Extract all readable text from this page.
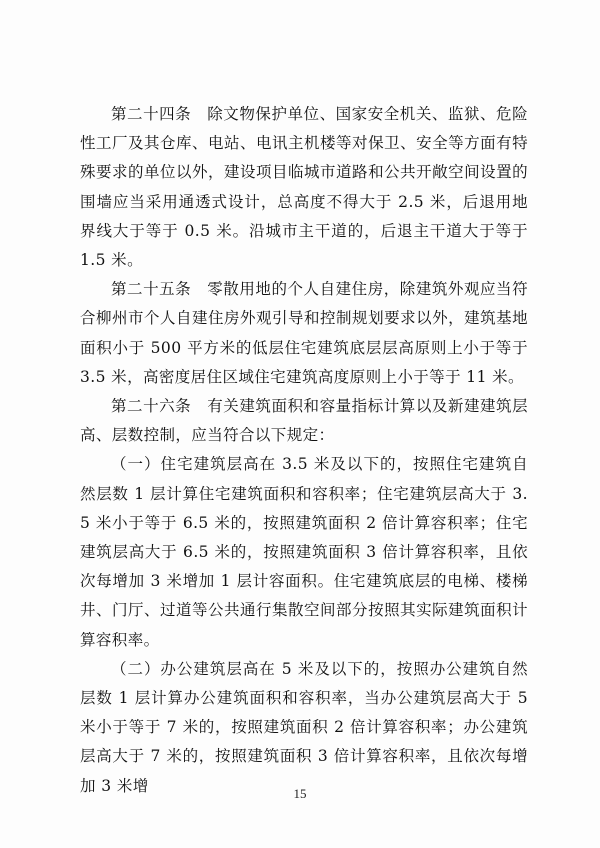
第二十四条　除文物保护单位、国家安全机关、监狱、危险性工厂及其仓库、电站、电讯主机楼等对保卫、安全等方面有特殊要求的单位以外，建设项目临城市道路和公共开敞空间设置的围墙应当采用通透式设计，总高度不得大于 2.5 米，后退用地界线大于等于 0.5 米。沿城市主干道的，后退主干道大于等于 1.5 米。

第二十五条　零散用地的个人自建住房，除建筑外观应当符合柳州市个人自建住房外观引导和控制规划要求以外，建筑基地面积小于 500 平方米的低层住宅建筑底层层高原则上小于等于 3.5 米，高密度居住区域住宅建筑高度原则上小于等于 11 米。

第二十六条　有关建筑面积和容量指标计算以及新建建筑层高、层数控制，应当符合以下规定：

（一）住宅建筑层高在 3.5 米及以下的，按照住宅建筑自然层数 1 层计算住宅建筑面积和容积率；住宅建筑层高大于 3.5 米小于等于 6.5 米的，按照建筑面积 2 倍计算容积率；住宅建筑层高大于 6.5 米的，按照建筑面积 3 倍计算容积率，且依次每增加 3 米增加 1 层计容面积。住宅建筑底层的电梯、楼梯井、门厅、过道等公共通行集散空间部分按照其实际建筑面积计算容积率。

（二）办公建筑层高在 5 米及以下的，按照办公建筑自然层数 1 层计算办公建筑面积和容积率，当办公建筑层高大于 5 米小于等于 7 米的，按照建筑面积 2 倍计算容积率；办公建筑层高大于 7 米的，按照建筑面积 3 倍计算容积率，且依次每增加 3 米增	15
